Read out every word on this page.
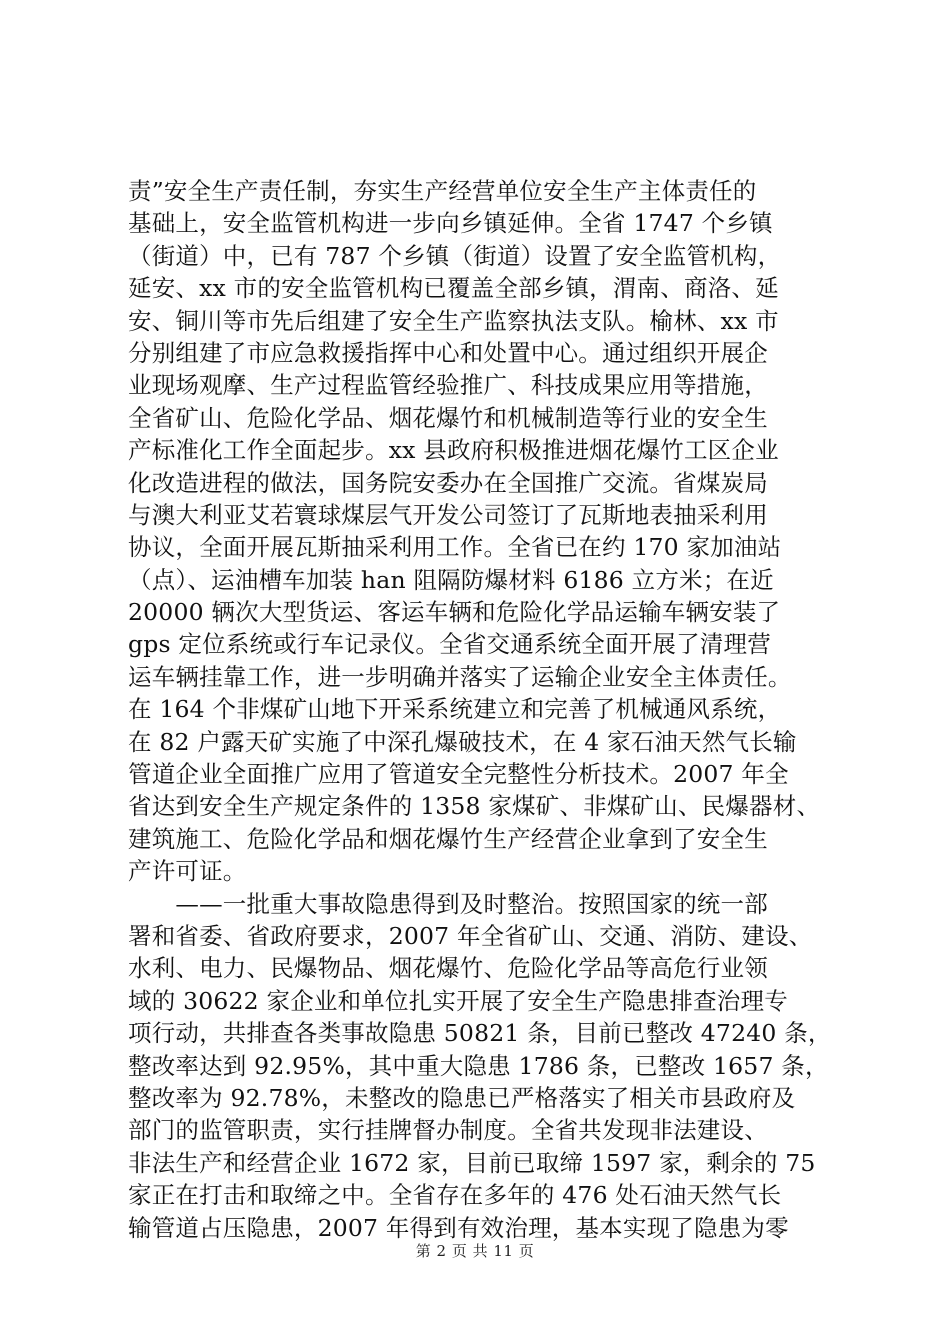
责”安全生产责任制，夯实生产经营单位安全生产主体责任的
基础上，安全监管机构进一步向乡镇延伸。全省 1747 个乡镇
（街道）中，已有 787 个乡镇（街道）设置了安全监管机构，
延安、xx 市的安全监管机构已覆盖全部乡镇，渭南、商洛、延
安、铜川等市先后组建了安全生产监察执法支队。榆林、xx 市
分别组建了市应急救援指挥中心和处置中心。通过组织开展企
业现场观摩、生产过程监管经验推广、科技成果应用等措施，
全省矿山、危险化学品、烟花爆竹和机械制造等行业的安全生
产标准化工作全面起步。xx 县政府积极推进烟花爆竹工区企业
化改造进程的做法，国务院安委办在全国推广交流。省煤炭局
与澳大利亚艾若寰球煤层气开发公司签订了瓦斯地表抽采利用
协议，全面开展瓦斯抽采利用工作。全省已在约 170 家加油站
（点）、运油槽车加装 han 阻隔防爆材料 6186 立方米；在近
20000 辆次大型货运、客运车辆和危险化学品运输车辆安装了
gps 定位系统或行车记录仪。全省交通系统全面开展了清理营
运车辆挂靠工作，进一步明确并落实了运输企业安全主体责任。
在 164 个非煤矿山地下开采系统建立和完善了机械通风系统，
在 82 户露天矿实施了中深孔爆破技术，在 4 家石油天然气长输
管道企业全面推广应用了管道安全完整性分析技术。2007 年全
省达到安全生产规定条件的 1358 家煤矿、非煤矿山、民爆器材、
建筑施工、危险化学品和烟花爆竹生产经营企业拿到了安全生
产许可证。
　　——一批重大事故隐患得到及时整治。按照国家的统一部
署和省委、省政府要求，2007 年全省矿山、交通、消防、建设、
水利、电力、民爆物品、烟花爆竹、危险化学品等高危行业领
域的 30622 家企业和单位扎实开展了安全生产隐患排查治理专
项行动，共排查各类事故隐患 50821 条，目前已整改 47240 条，
整改率达到 92.95%，其中重大隐患 1786 条，已整改 1657 条，
整改率为 92.78%，未整改的隐患已严格落实了相关市县政府及
部门的监管职责，实行挂牌督办制度。全省共发现非法建设、
非法生产和经营企业 1672 家，目前已取缔 1597 家，剩余的 75
家正在打击和取缔之中。全省存在多年的 476 处石油天然气长
输管道占压隐患，2007 年得到有效治理，基本实现了隐患为零
第 2 页 共 11 页
